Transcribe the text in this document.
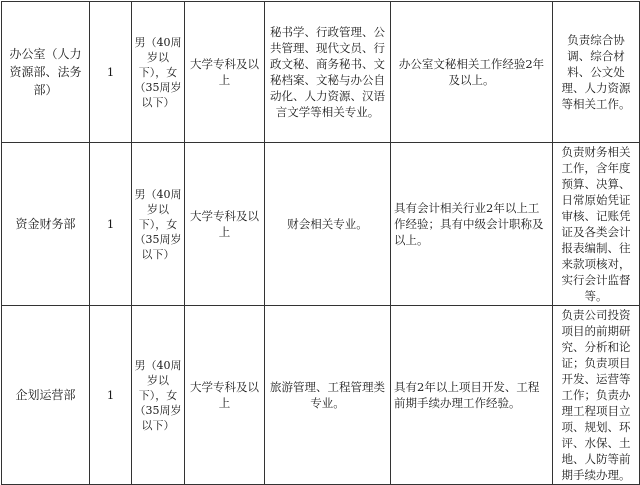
办公室（人力资源部、法务部）	1	男（40周岁以下），女（35周岁以下）	大学专科及以上	秘书学、行政管理、公共管理、现代文员、行政文秘、商务秘书、文秘档案、文秘与办公自动化、人力资源、汉语言文学等相关专业。	办公室文秘相关工作经验2年及以上。	负责综合协调、综合材料、公文处理、人力资源等相关工作。
资金财务部	1	男（40周岁以下），女（35周岁以下）	大学专科及以上	财会相关专业。	具有会计相关行业2年以上工作经验；具有中级会计职称及以上。	负责财务相关工作，含年度预算、决算、日常原始凭证审核、记账凭证及各类会计报表编制、往来款项核对，实行会计监督等。
企划运营部	1	男（40周岁以下），女（35周岁以下）	大学专科及以上	旅游管理、工程管理类专业。	具有2年以上项目开发、工程前期手续办理工作经验。	负责公司投资项目的前期研究、分析和论证；负责项目开发、运营等工作；负责办理工程项目立项、规划、环评、水保、土地、人防等前期手续办理。
